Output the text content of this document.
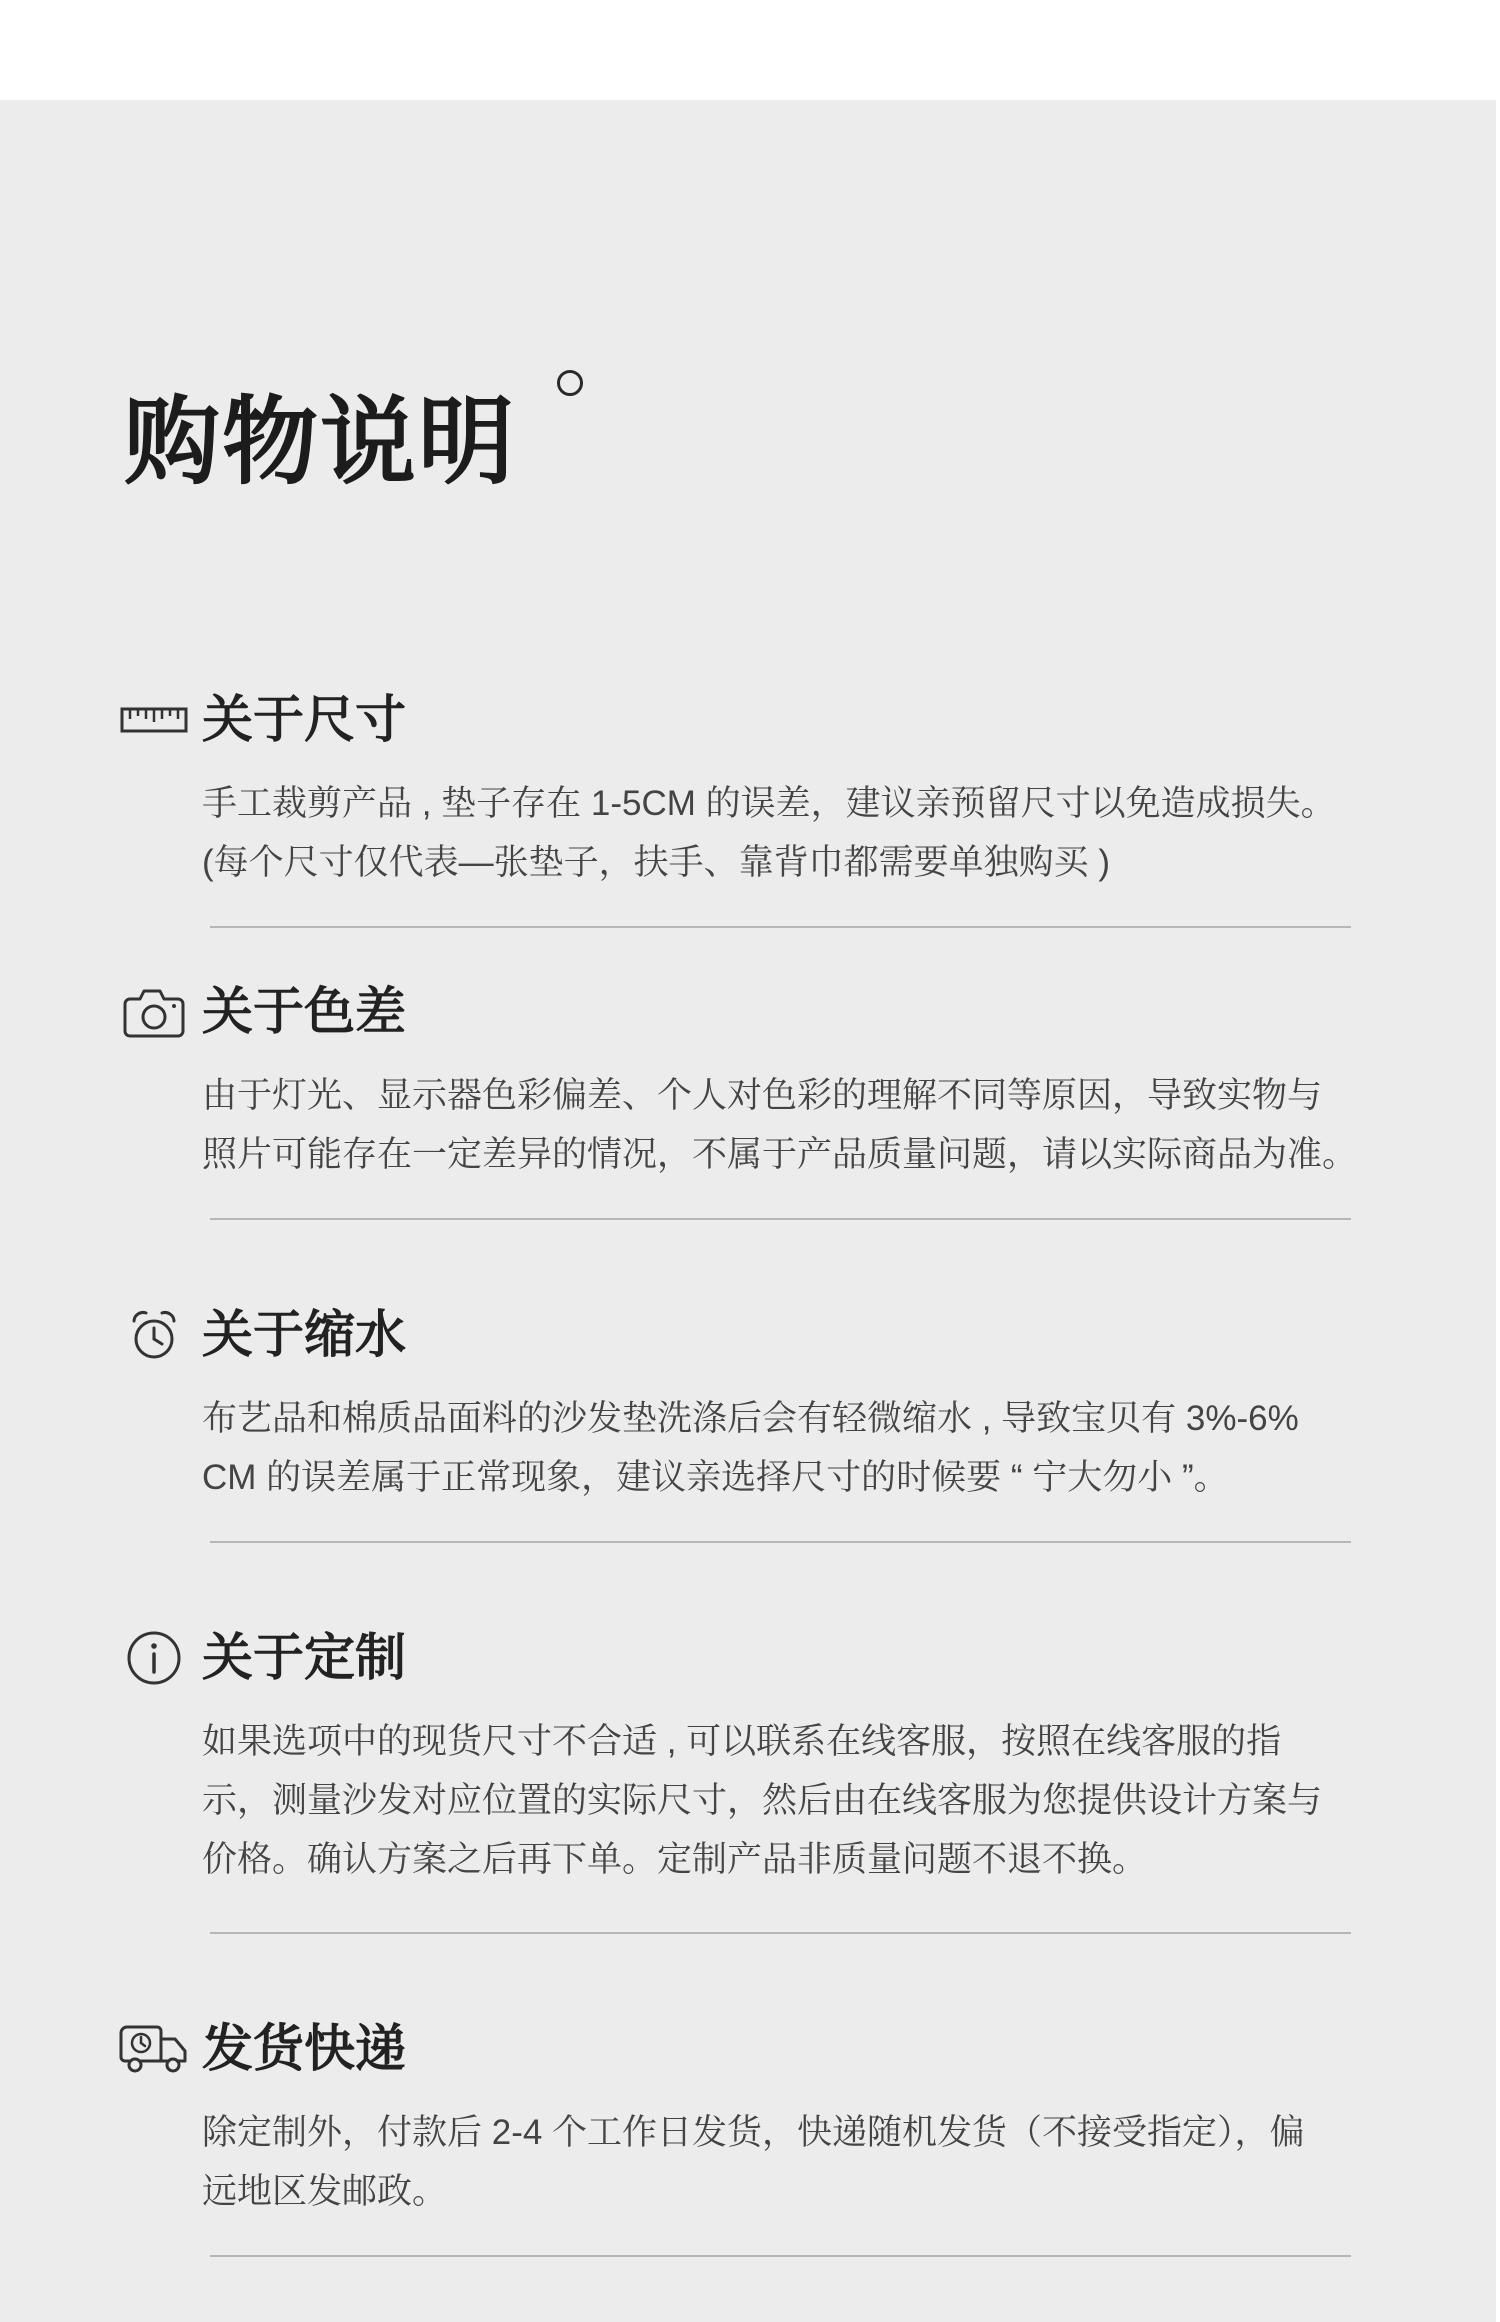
购物说明
关于尺寸
手工裁剪产品 , 垫子存在 1-5CM 的误差，建议亲预留尺寸以免造成损失。
(每个尺寸仅代表—张垫子，扶手、靠背巾都需要单独购买 )
关于色差
由于灯光、显示器色彩偏差、个人对色彩的理解不同等原因，导致实物与
照片可能存在一定差异的情况，不属于产品质量问题，请以实际商品为准。
关于缩水
布艺品和棉质品面料的沙发垫洗涤后会有轻微缩水 , 导致宝贝有 3%-6%
CM 的误差属于正常现象，建议亲选择尺寸的时候要 “ 宁大勿小 ”。
关于定制
如果选项中的现货尺寸不合适 , 可以联系在线客服，按照在线客服的指
示，测量沙发对应位置的实际尺寸，然后由在线客服为您提供设计方案与
价格。确认方案之后再下单。定制产品非质量问题不退不换。
发货快递
除定制外，付款后 2-4 个工作日发货，快递随机发货（不接受指定），偏
远地区发邮政。
